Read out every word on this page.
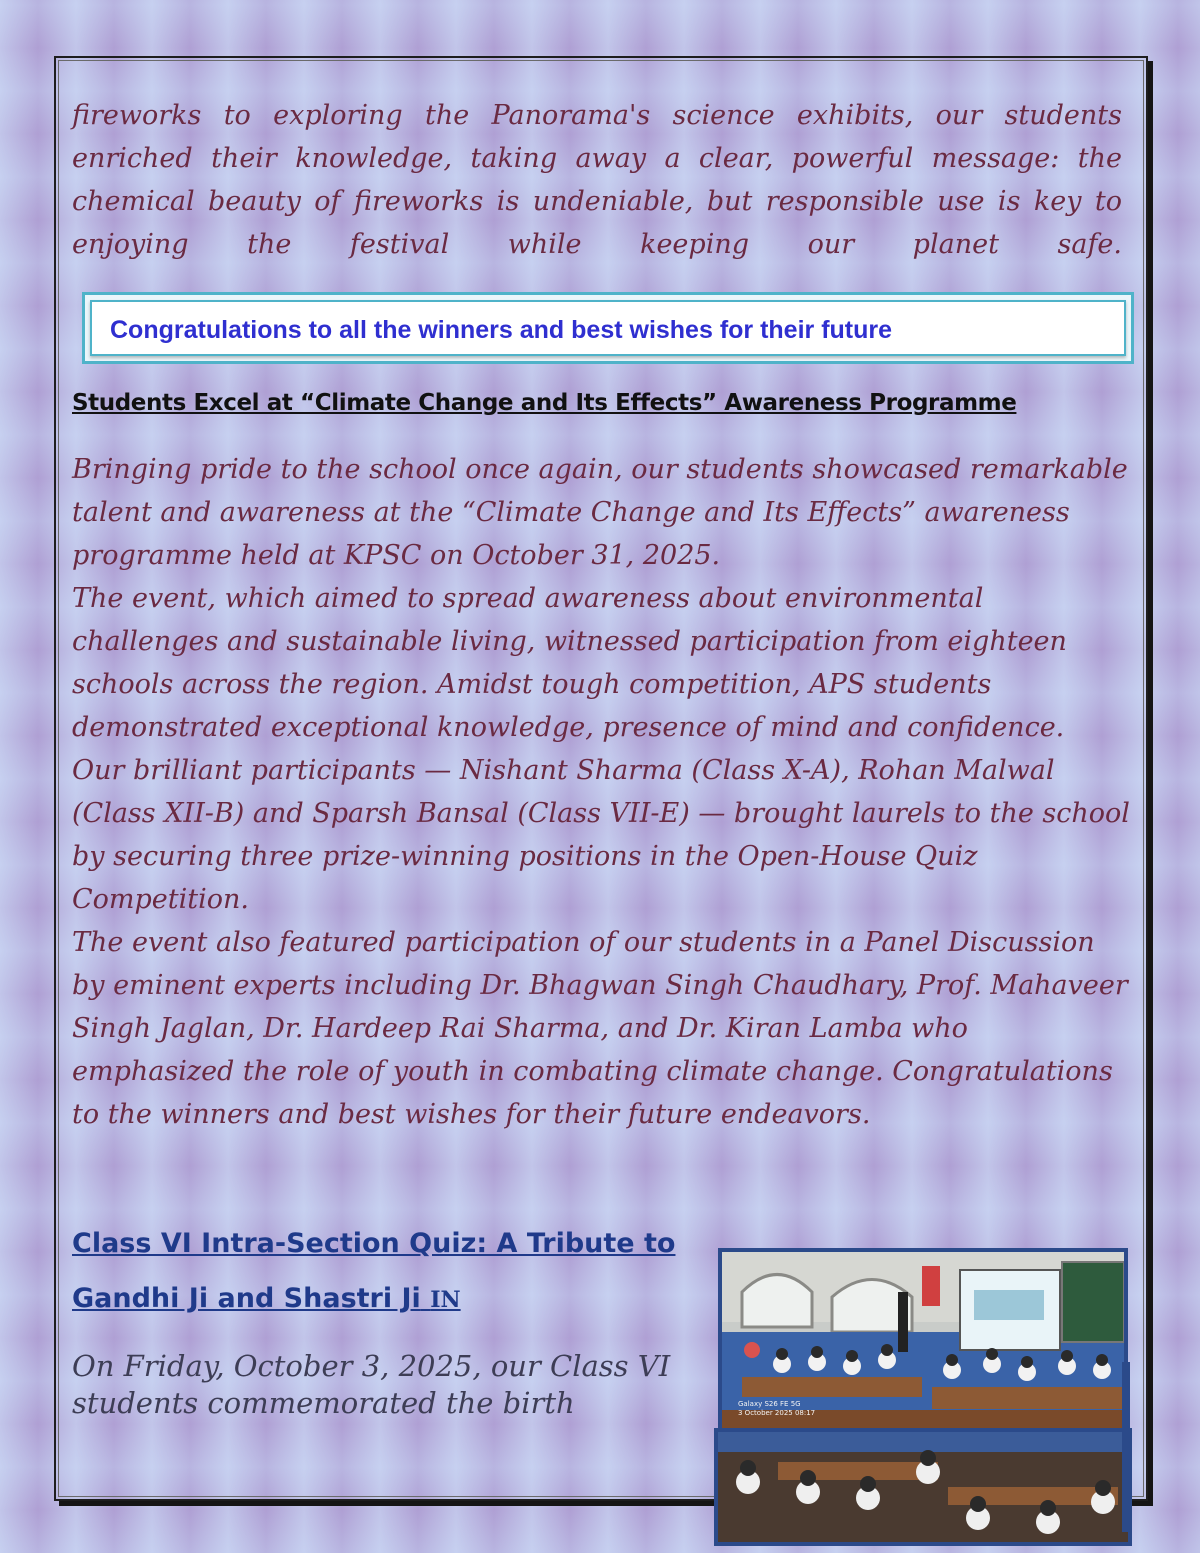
fireworks to exploring the Panorama's science exhibits, our students enriched their knowledge, taking away a clear, powerful message: the chemical beauty of fireworks is undeniable, but responsible use is key to enjoying the festival while keeping our planet safe.

Congratulations to all the winners and best wishes for their future
Students Excel at “Climate Change and Its Effects” Awareness Programme

Bringing pride to the school once again, our students showcased remarkable talent and awareness at the “Climate Change and Its Effects” awareness programme held at KPSC on October 31, 2025.

The event, which aimed to spread awareness about environmental challenges and sustainable living, witnessed participation from eighteen schools across the region. Amidst tough competition, APS students demonstrated exceptional knowledge, presence of mind and confidence.

Our brilliant participants — Nishant Sharma (Class X-A), Rohan Malwal (Class XII-B) and Sparsh Bansal (Class VII-E) — brought laurels to the school by securing three prize-winning positions in the Open-House Quiz Competition.

The event also featured participation of our students in a Panel Discussion by eminent experts including Dr. Bhagwan Singh Chaudhary, Prof. Mahaveer Singh Jaglan, Dr. Hardeep Rai Sharma, and Dr. Kiran Lamba who emphasized the role of youth in combating climate change. Congratulations to the winners and best wishes for their future endeavors.

Class VI Intra-Section Quiz: A Tribute to
Gandhi Ji and Shastri Ji IN
On Friday, October 3, 2025, our Class VI students commemorated the birth	Galaxy S26 FE 5G
3 October 2025 08:17
